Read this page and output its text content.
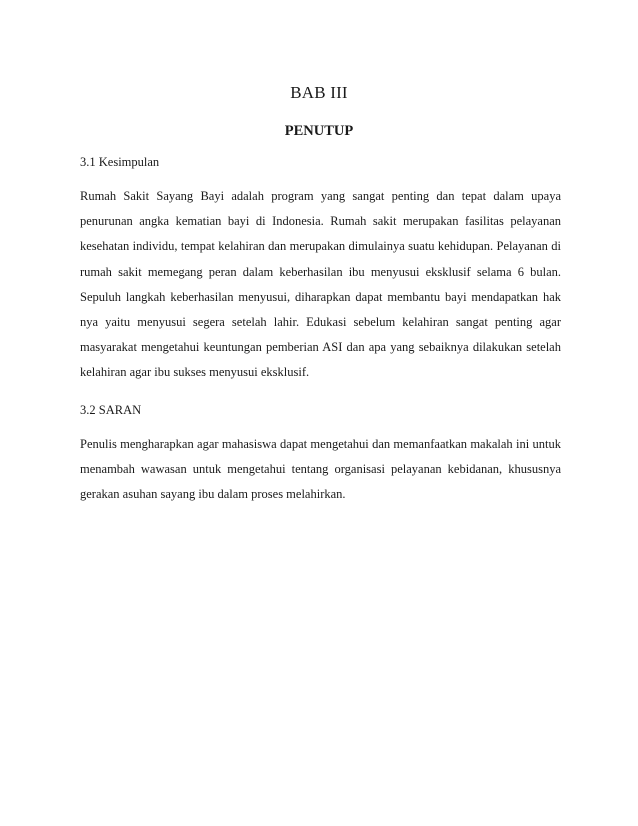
BAB III
PENUTUP
3.1 Kesimpulan
Rumah Sakit Sayang Bayi adalah program yang sangat penting dan tepat dalam upaya penurunan angka kematian bayi di Indonesia. Rumah sakit merupakan fasilitas pelayanan kesehatan individu, tempat kelahiran dan merupakan dimulainya suatu kehidupan. Pelayanan di rumah sakit memegang peran dalam keberhasilan ibu menyusui eksklusif selama 6 bulan. Sepuluh langkah keberhasilan menyusui, diharapkan dapat membantu bayi mendapatkan hak nya yaitu menyusui segera setelah lahir. Edukasi sebelum kelahiran sangat penting agar masyarakat mengetahui keuntungan pemberian ASI dan apa yang sebaiknya dilakukan setelah kelahiran agar ibu sukses menyusui eksklusif.
3.2 SARAN
Penulis mengharapkan agar mahasiswa dapat mengetahui dan memanfaatkan makalah ini untuk menambah wawasan untuk mengetahui tentang organisasi pelayanan kebidanan, khususnya gerakan asuhan sayang ibu dalam proses melahirkan.
